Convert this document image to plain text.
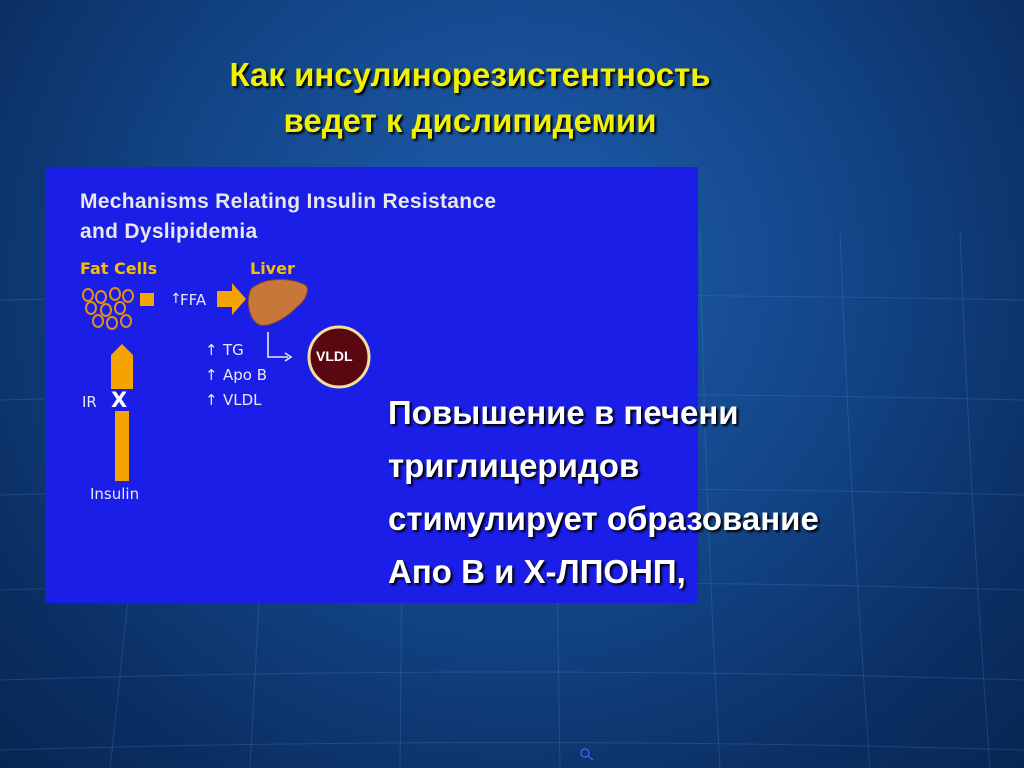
Как инсулинорезистентность
ведет к дислипидемии
Mechanisms Relating Insulin Resistance
and Dyslipidemia
Fat Cells	Liver
↑
FFA
VLDL
↑ TG
↑ Apo B
↑ VLDL
IR X
Insulin
Повышение в печени
триглицеридов
стимулирует образование
Апо В и Х-ЛПОНП,
